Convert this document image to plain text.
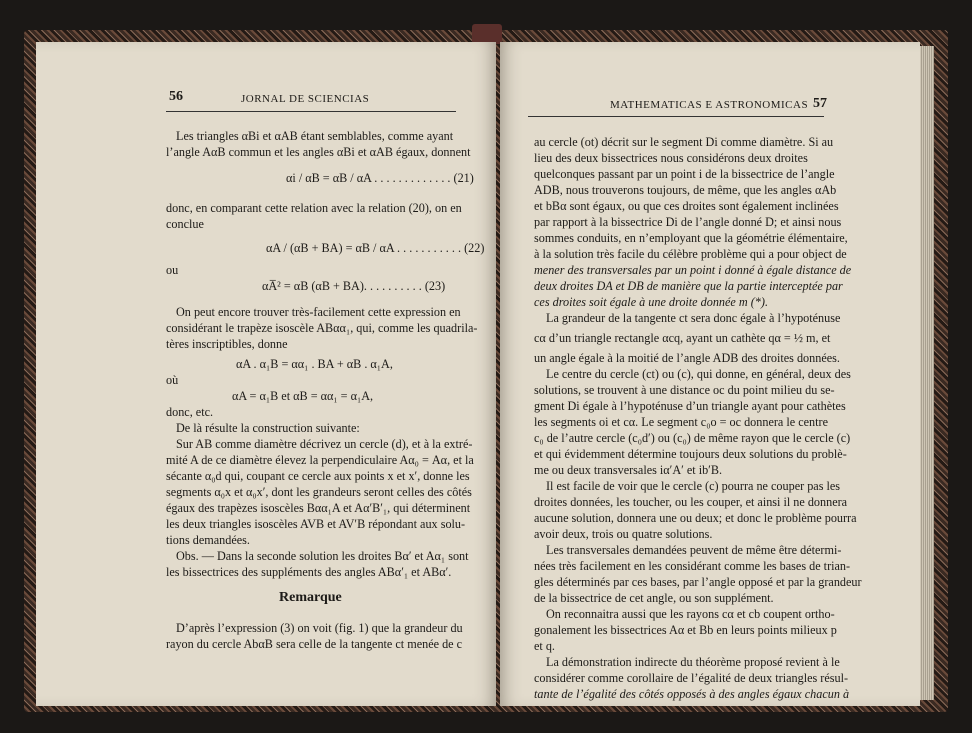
56	JORNAL DE SCIENCIAS
Les triangles αBi et αAB étant semblables, comme ayant
l’angle AαB commun et les angles αBi et αAB égaux, donnent
αi / αB = αB / αA . . . . . . . . . . . . . (21)
donc, en comparant cette relation avec la relation (20), on en
conclue
αA / (αB + BA) = αB / αA . . . . . . . . . . . (22)
ou
αA̅² = αB (αB + BA). . . . . . . . . . (23)
On peut encore trouver très-facilement cette expression en
considérant le trapèze isoscèle ABαα₁, qui, comme les quadrila-
tères inscriptibles, donne
αA . α₁B = αα₁ . BA + αB . α₁A,
où
αA = α₁B et αB = αα₁ = α₁A,
donc, etc.
De là résulte la construction suivante:
Sur AB comme diamètre décrivez un cercle (d), et à la extré-
mité A de ce diamètre élevez la perpendiculaire Aα₀ = Aα, et la
sécante α₀d qui, coupant ce cercle aux points x et x′, donne les
segments α₀x et α₀x′, dont les grandeurs seront celles des côtés
égaux des trapèzes isoscèles Bαα₁A et Aα′B′₁, qui déterminent
les deux triangles isoscèles AVB et AV′B répondant aux solu-
tions demandées.
Obs. — Dans la seconde solution les droites Bα′ et Aα₁ sont
les bissectrices des suppléments des angles ABα′₁ et ABα′.
Remarque
D’après l’expression (3) on voit (fig. 1) que la grandeur du
rayon du cercle AbαB sera celle de la tangente ct menée de c
MATHEMATICAS E ASTRONOMICAS 57
au cercle (ot) décrit sur le segment Di comme diamètre. Si au
lieu des deux bissectrices nous considérons deux droites
quelconques passant par un point i de la bissectrice de l’angle
ADB, nous trouverons toujours, de même, que les angles αAb
et bBα sont égaux, ou que ces droites sont également inclinées
par rapport à la bissectrice Di de l’angle donné D; et ainsi nous
sommes conduits, en n’employant que la géométrie élémentaire,
à la solution très facile du célèbre problème qui a pour object de
mener des transversales par un point i donné à égale distance de
deux droites DA et DB de manière que la partie interceptée par
ces droites soit égale à une droite donnée m (*).
La grandeur de la tangente ct sera donc égale à l’hypoténuse
cα d’un triangle rectangle αcq, ayant un cathète qα = ½ m, et
un angle égale à la moitié de l’angle ADB des droites données.
Le centre du cercle (ct) ou (c), qui donne, en général, deux des
solutions, se trouvent à une distance oc du point milieu du se-
gment Di égale à l’hypoténuse d’un triangle ayant pour cathètes
les segments oi et cα. Le segment c₀o = oc donnera le centre
c₀ de l’autre cercle (c₀d′) ou (c₀) de même rayon que le cercle (c)
et qui évidemment détermine toujours deux solutions du problè-
me ou deux transversales iα′A′ et ib′B.
Il est facile de voir que le cercle (c) pourra ne couper pas les
droites données, les toucher, ou les couper, et ainsi il ne donnera
aucune solution, donnera une ou deux; et donc le problème pourra
avoir deux, trois ou quatre solutions.
Les transversales demandées peuvent de même être détermi-
nées très facilement en les considérant comme les bases de trian-
gles déterminés par ces bases, par l’angle opposé et par la grandeur
de la bissectrice de cet angle, ou son supplément.
On reconnaitra aussi que les rayons cα et cb coupent ortho-
gonalement les bissectrices Aα et Bb en leurs points milieux p
et q.
La démonstration indirecte du théorème proposé revient à le
considérer comme corollaire de l’égalité de deux triangles résul-
tante de l’égalité des côtés opposés à des angles égaux chacun à
